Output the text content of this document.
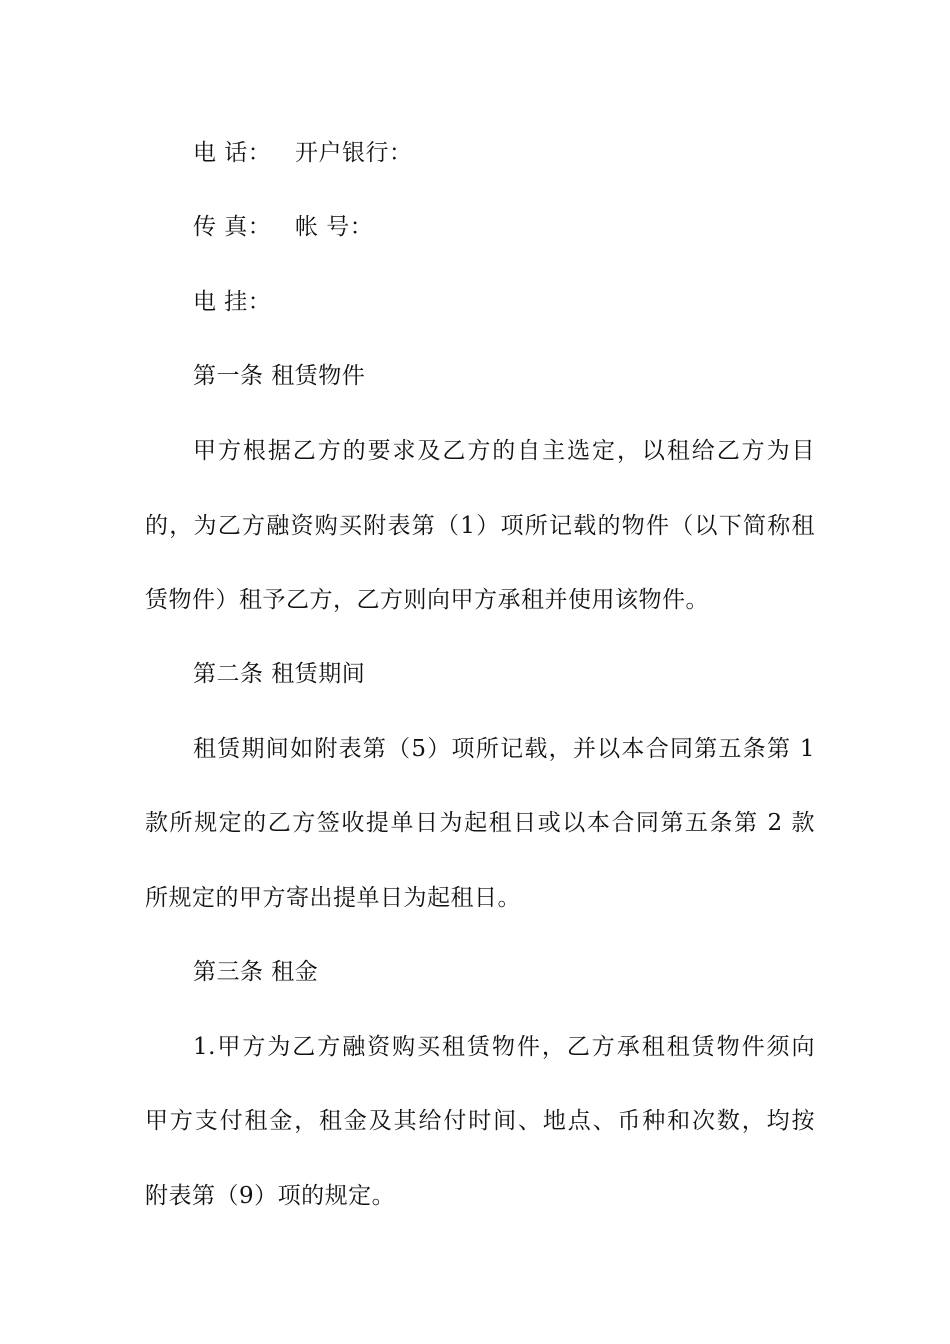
电 话： 开户银行：
传 真： 帐 号：
电 挂：
第一条 租赁物件
甲方根据乙方的要求及乙方的自主选定，以租给乙方为目
的，为乙方融资购买附表第（1）项所记载的物件（以下简称租
赁物件）租予乙方，乙方则向甲方承租并使用该物件。
第二条 租赁期间
租赁期间如附表第（5）项所记载，并以本合同第五条第 1
款所规定的乙方签收提单日为起租日或以本合同第五条第 2 款
所规定的甲方寄出提单日为起租日。
第三条 租金
1.甲方为乙方融资购买租赁物件，乙方承租租赁物件须向
甲方支付租金，租金及其给付时间、地点、币种和次数，均按
附表第（9）项的规定。
